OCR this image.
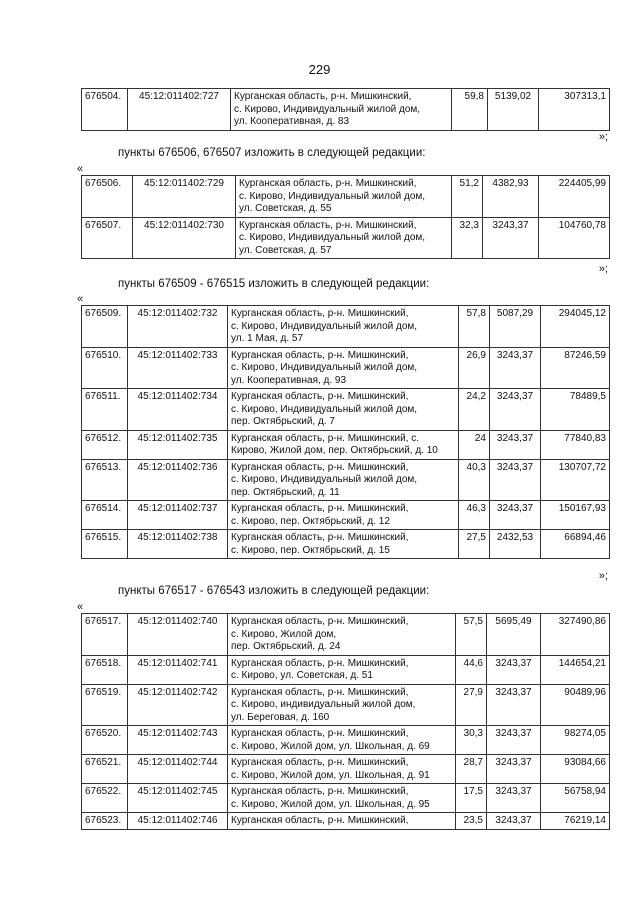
229
676504.	45:12:011402:727	Курганская область, р-н. Мишкинский,
с. Кирово, Индивидуальный жилой дом,
ул. Кооперативная, д. 83
	59,8	5139,02	307313,1
»;
пункты 676506, 676507 изложить в следующей редакции:
«
676506.	45:12:011402:729	Курганская область, р-н. Мишкинский,
с. Кирово, Индивидуальный жилой дом,
ул. Советская, д. 55	51,2	4382,93	224405,99
676507.	45:12:011402:730	Курганская область, р-н. Мишкинский,
с. Кирово, Индивидуальный жилой дом,
ул. Советская, д. 57	32,3	3243,37	104760,78
»;
пункты 676509 - 676515 изложить в следующей редакции:
«
676509.	45:12:011402:732	Курганская область, р-н. Мишкинский,
с. Кирово, Индивидуальный жилой дом,
ул. 1 Мая, д. 57	57,8	5087,29	294045,12
676510.	45:12:011402:733	Курганская область, р-н. Мишкинский,
с. Кирово, Индивидуальный жилой дом,
ул. Кооперативная, д. 93	26,9	3243,37	87246,59
676511.	45:12:011402:734	Курганская область, р-н. Мишкинский,
с. Кирово, Индивидуальный жилой дом,
пер. Октябрьский, д. 7	24,2	3243,37	78489,5
676512.	45:12:011402:735	Курганская область, р-н. Мишкинский, с.
Кирово, Жилой дом, пер. Октябрьский, д. 10	24	3243,37	77840,83
676513.	45:12:011402:736	Курганская область, р-н. Мишкинский,
с. Кирово, Индивидуальный жилой дом,
пер. Октябрьский, д. 11	40,3	3243,37	130707,72
676514.	45:12:011402:737	Курганская область, р-н. Мишкинский,
с. Кирово, пер. Октябрьский, д. 12	46,3	3243,37	150167,93
676515.	45:12:011402:738	Курганская область, р-н. Мишкинский,
с. Кирово, пер. Октябрьский, д. 15	27,5	2432,53	66894,46
»;
пункты 676517 - 676543 изложить в следующей редакции:
«
676517.	45:12:011402:740	Курганская область, р-н. Мишкинский,
с. Кирово, Жилой дом,
пер. Октябрьский, д. 24	57,5	5695,49	327490,86
676518.	45:12:011402:741	Курганская область, р-н. Мишкинский,
с. Кирово, ул. Советская, д. 51	44,6	3243,37	144654,21
676519.	45:12:011402:742	Курганская область, р-н. Мишкинский,
с. Кирово, индивидуальный жилой дом,
ул. Береговая, д. 160	27,9	3243,37	90489,96
676520.	45:12:011402:743	Курганская область, р-н. Мишкинский,
с. Кирово, Жилой дом, ул. Школьная, д. 69	30,3	3243,37	98274,05
676521.	45:12:011402:744	Курганская область, р-н. Мишкинский,
с. Кирово, Жилой дом, ул. Школьная, д. 91	28,7	3243,37	93084,66
676522.	45:12:011402:745	Курганская область, р-н. Мишкинский,
с. Кирово, Жилой дом, ул. Школьная, д. 95	17,5	3243,37	56758,94
676523.	45:12:011402:746	Курганская область, р-н. Мишкинский,	23,5	3243,37	76219,14
